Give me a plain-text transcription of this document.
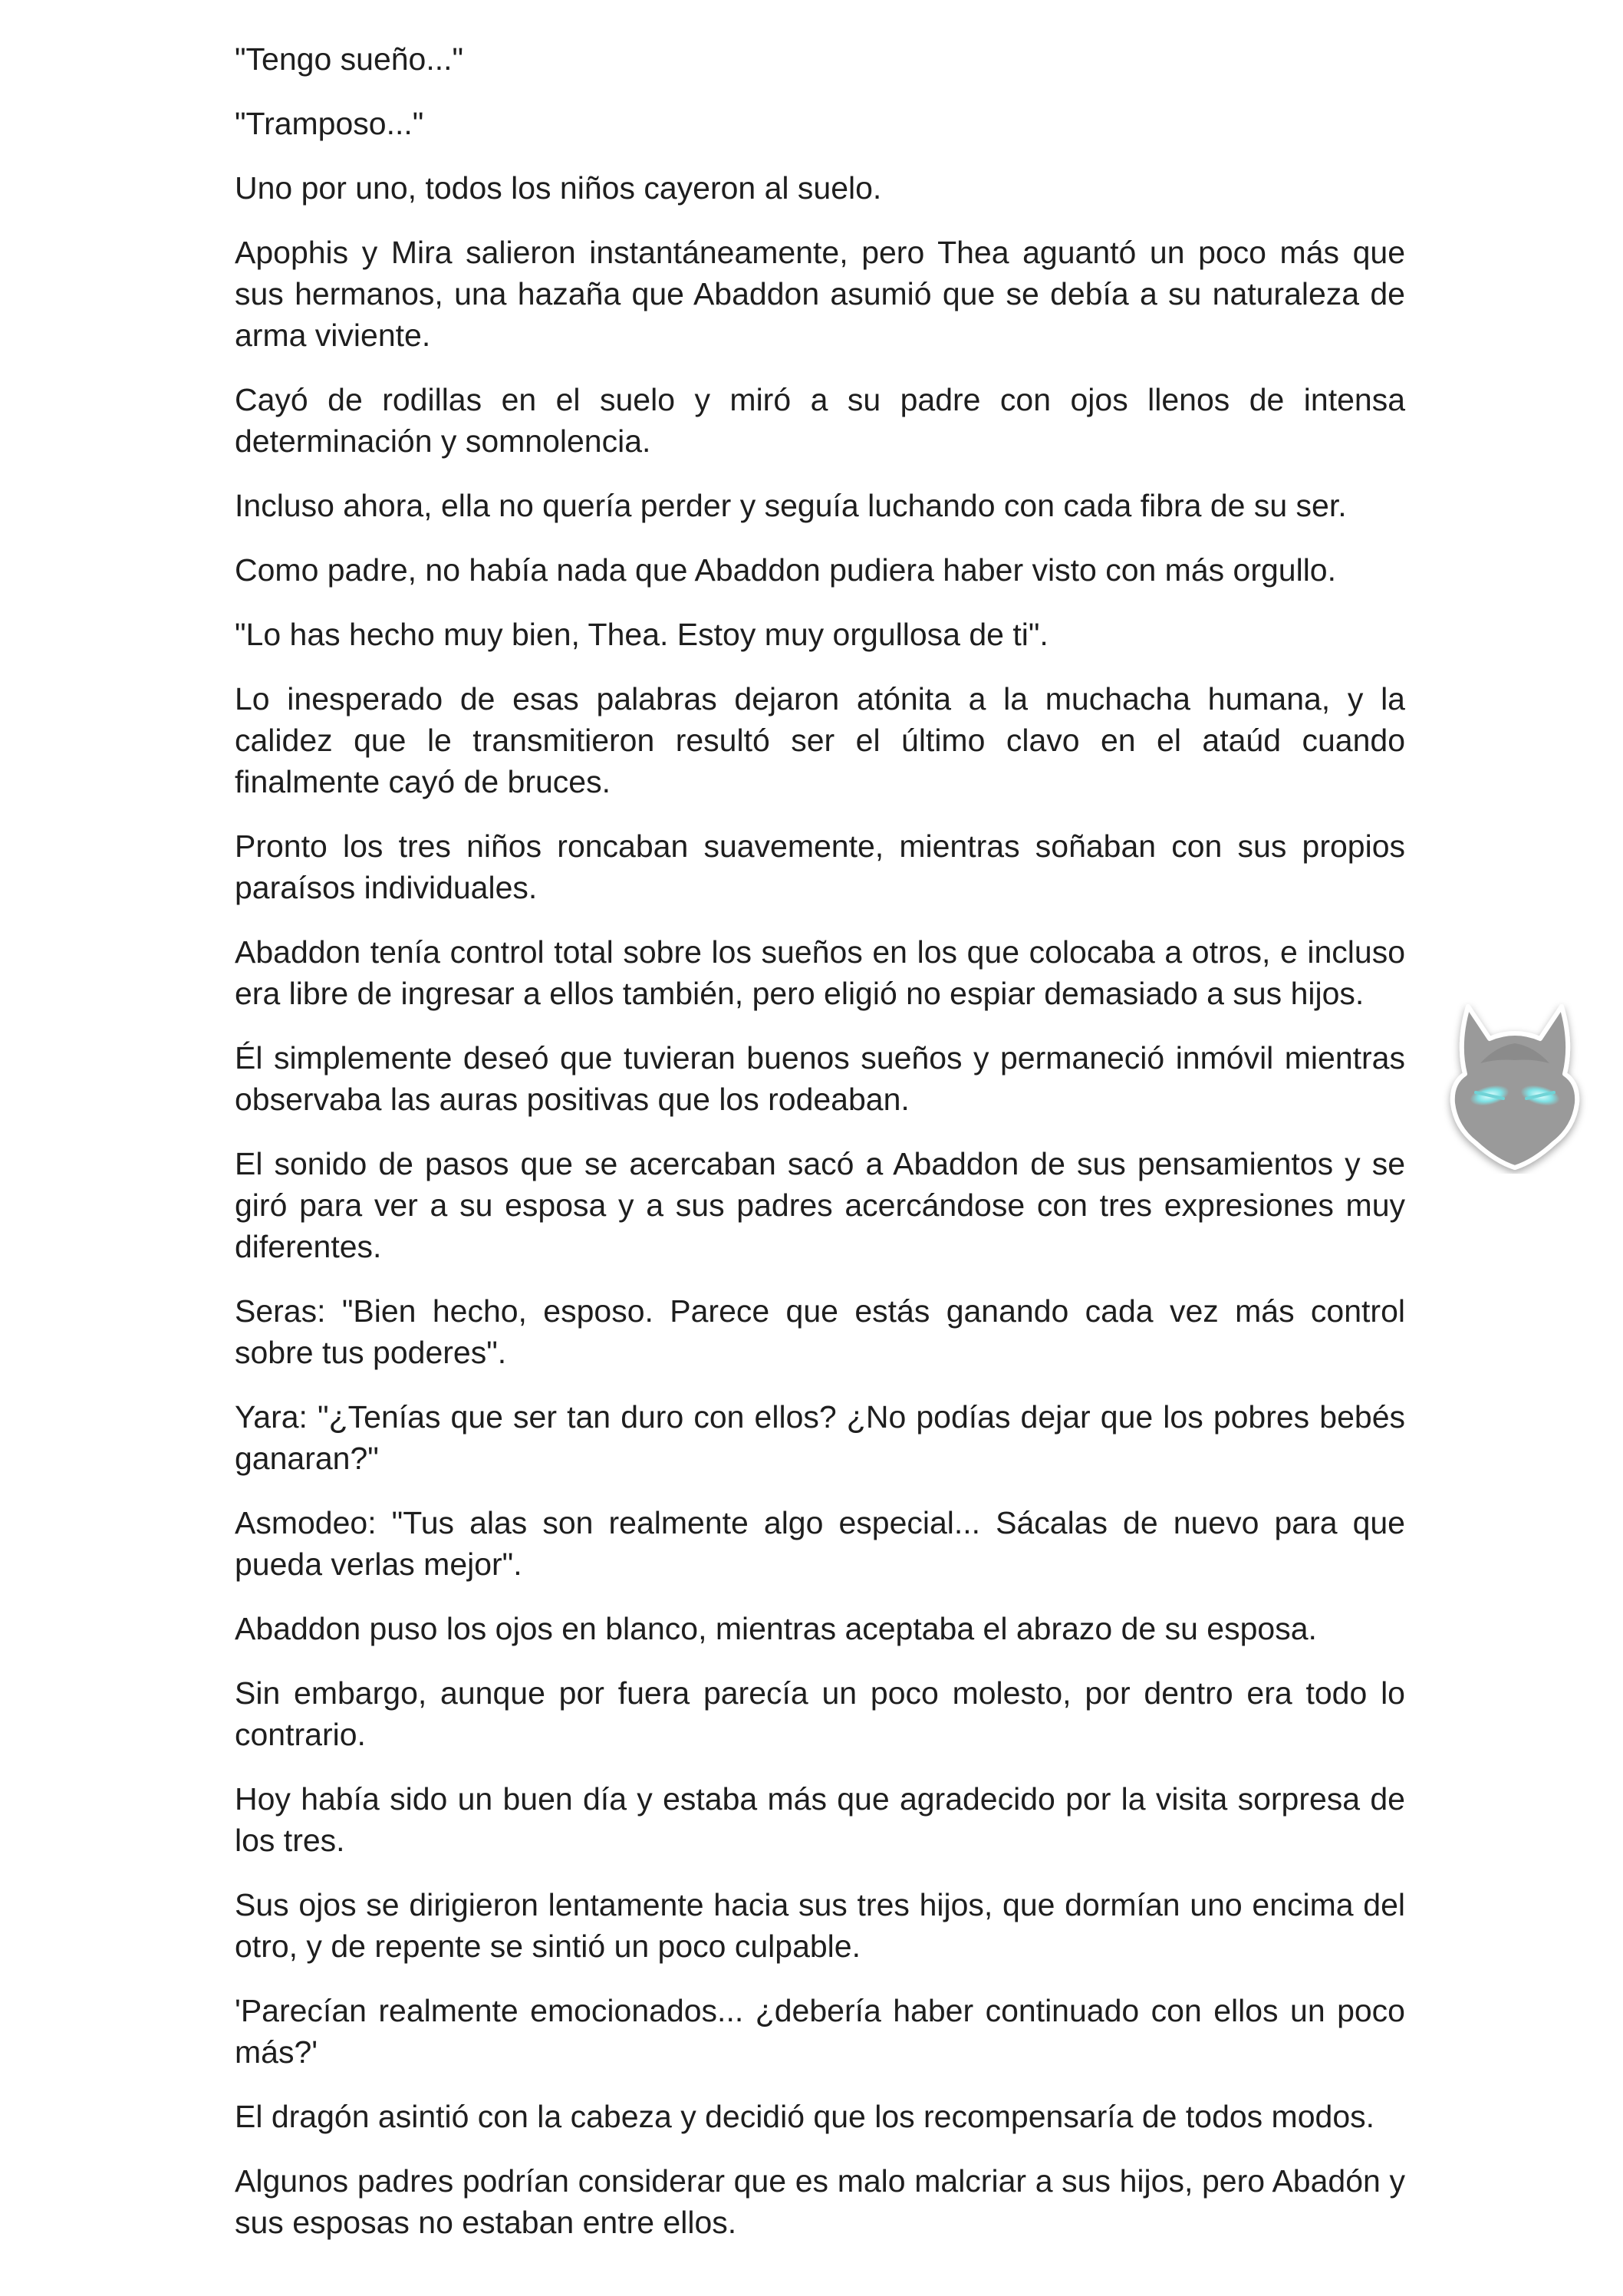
"Tengo sueño..."

"Tramposo..."

Uno por uno, todos los niños cayeron al suelo.

Apophis y Mira salieron instantáneamente, pero Thea aguantó un poco más que sus hermanos, una hazaña que Abaddon asumió que se debía a su naturaleza de arma viviente.

Cayó de rodillas en el suelo y miró a su padre con ojos llenos de intensa determinación y somnolencia.

Incluso ahora, ella no quería perder y seguía luchando con cada fibra de su ser.

Como padre, no había nada que Abaddon pudiera haber visto con más orgullo.

"Lo has hecho muy bien, Thea. Estoy muy orgullosa de ti".

Lo inesperado de esas palabras dejaron atónita a la muchacha humana, y la calidez que le transmitieron resultó ser el último clavo en el ataúd cuando finalmente cayó de bruces.

Pronto los tres niños roncaban suavemente, mientras soñaban con sus propios paraísos individuales.

Abaddon tenía control total sobre los sueños en los que colocaba a otros, e incluso era libre de ingresar a ellos también, pero eligió no espiar demasiado a sus hijos.

Él simplemente deseó que tuvieran buenos sueños y permaneció inmóvil mientras observaba las auras positivas que los rodeaban.

El sonido de pasos que se acercaban sacó a Abaddon de sus pensamientos y se giró para ver a su esposa y a sus padres acercándose con tres expresiones muy diferentes.

Seras: "Bien hecho, esposo. Parece que estás ganando cada vez más control sobre tus poderes".

Yara: "¿Tenías que ser tan duro con ellos? ¿No podías dejar que los pobres bebés ganaran?"

Asmodeo: "Tus alas son realmente algo especial... Sácalas de nuevo para que pueda verlas mejor".

Abaddon puso los ojos en blanco, mientras aceptaba el abrazo de su esposa.

Sin embargo, aunque por fuera parecía un poco molesto, por dentro era todo lo contrario.

Hoy había sido un buen día y estaba más que agradecido por la visita sorpresa de los tres.

Sus ojos se dirigieron lentamente hacia sus tres hijos, que dormían uno encima del otro, y de repente se sintió un poco culpable.

'Parecían realmente emocionados... ¿debería haber continuado con ellos un poco más?'

El dragón asintió con la cabeza y decidió que los recompensaría de todos modos.

Algunos padres podrían considerar que es malo malcriar a sus hijos, pero Abadón y sus esposas no estaban entre ellos.
